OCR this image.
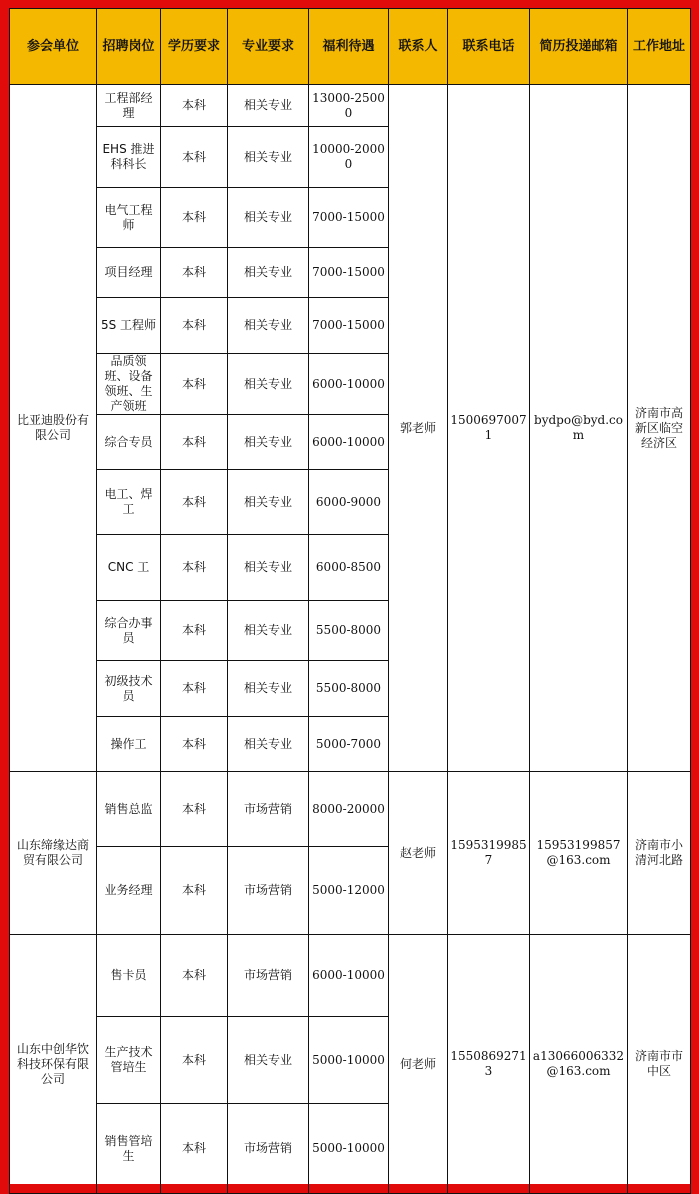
参会单位	招聘岗位	学历要求	专业要求	福利待遇	联系人	联系电话	简历投递邮箱	工作地址
比亚迪股份有限公司	工程部经理	本科	相关专业	13000-25000	郭老师	15006970071	bydpo@byd.com	济南市高新区临空经济区
	EHS 推进科科长	本科	相关专业	10000-20000				
	电气工程师	本科	相关专业	7000-15000				
	项目经理	本科	相关专业	7000-15000				
	5S 工程师	本科	相关专业	7000-15000				
	品质领班、设备领班、生产领班	本科	相关专业	6000-10000				
	综合专员	本科	相关专业	6000-10000				
	电工、焊工	本科	相关专业	6000-9000				
	CNC 工	本科	相关专业	6000-8500				
	综合办事员	本科	相关专业	5500-8000				
	初级技术员	本科	相关专业	5500-8000				
	操作工	本科	相关专业	5000-7000				
山东缔缘达商贸有限公司	销售总监	本科	市场营销	8000-20000	赵老师	15953199857	15953199857@163.com	济南市小清河北路
	业务经理	本科	市场营销	5000-12000				
山东中创华饮科技环保有限公司	售卡员	本科	市场营销	6000-10000	何老师	15508692713	a13066006332@163.com	济南市市中区
	生产技术管培生	本科	相关专业	5000-10000				
	销售管培生	本科	市场营销	5000-10000				
